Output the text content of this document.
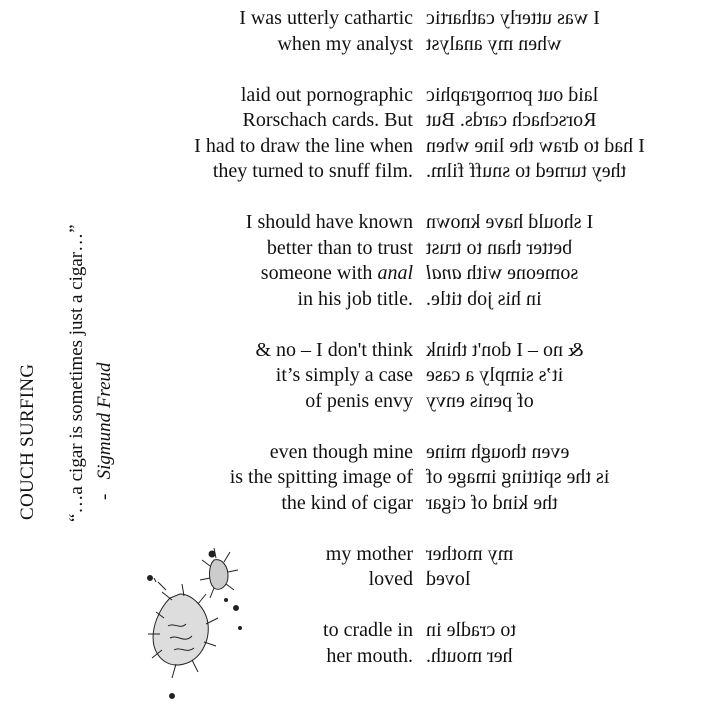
COUCH SURFING “…a cigar is sometimes just a cigar…” -   Sigmund Freud
I was utterly cathartic
when my analyst
laid out pornographic
Rorschach cards. But
I had to draw the line when
they turned to snuff film.
I should have known
better than to trust
someone with anal
in his job title.
& no – I don't think
it’s simply a case
of penis envy
even though mine
is the spitting image of
the kind of cigar
my mother
loved
to cradle in
her mouth.
I was utterly cathartic
when my analyst

laid out pornographic
Rorschach cards. But
I had to draw the line when
they turned to snuff film.

I should have known
better than to trust
someone with anal
in his job title.

& no – I don't think
it’s simply a case
of penis envy

even though mine
is the spitting image of
the kind of cigar

my mother
loved

to cradle in
her mouth.
